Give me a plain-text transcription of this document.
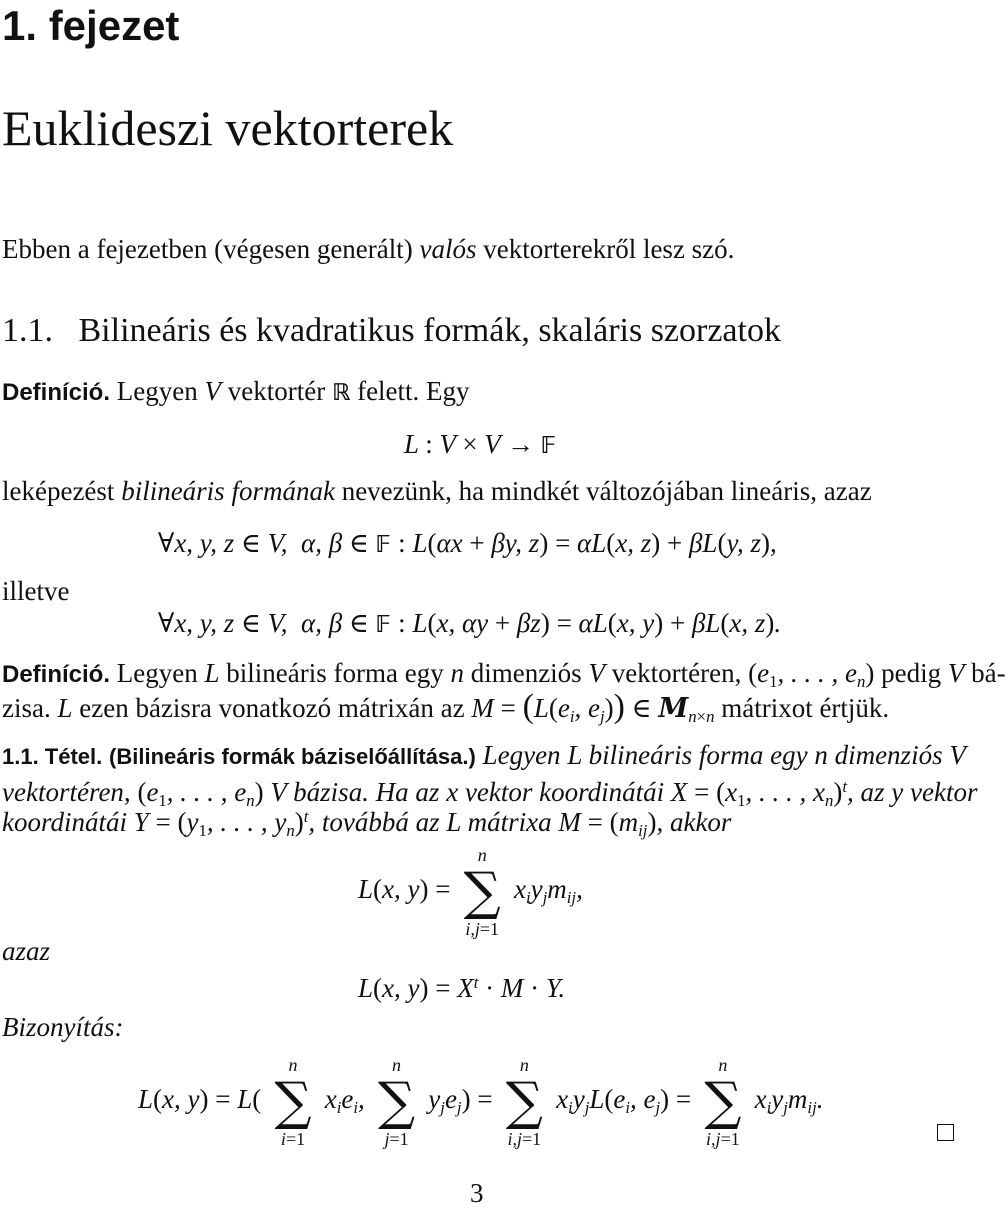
1. fejezet
Euklideszi vektorterek
Ebben a fejezetben (végesen generált) valós vektorterekről lesz szó.
1.1. Bilineáris és kvadratikus formák, skaláris szorzatok
Definíció. Legyen V vektortér ℝ felett. Egy
L : V × V → 𝔽
leképezést bilineáris formának nevezünk, ha mindkét változójában lineáris, azaz
∀x, y, z ∈ V,  α, β ∈ 𝔽 : L(αx + βy, z) = αL(x, z) + βL(y, z),
illetve
∀x, y, z ∈ V,  α, β ∈ 𝔽 : L(x, αy + βz) = αL(x, y) + βL(x, z).
Definíció. Legyen L bilineáris forma egy n dimenziós V vektortéren, ($e_1$, . . . , $e_n$) pedig V bá-
zisa. L ezen bázisra vonatkozó mátrixán az $M = (L(e_i$, $e_j$)) ∈ $M_{n\times n}$ mátrixot értjük.
1.1. Tétel. (Bilineáris formák báziselőállítása.) Legyen L bilineáris forma egy n dimenziós V
vektortéren, ($e_1$, . . . , $e_n$) V bázisa. Ha az x vektor koordinátái $X = (x_1$, . . . , $x_n)^t$, az y vektor
koordinátái $Y = (y_1$, . . . , $y_n)^t$, továbbá az L mátrixa $M = (m_{ij})$, akkor
L(x, y) =
n
∑
i,j=1
$x_iy_jm_{ij}$,
azaz
L(x, $y) = X^t \cdot M \cdot Y$.
Bizonyítás:
L(x, y) = L(
n
∑
i=1
$x_ie_i$,
n
∑
j=1
$y_je_j$) =
n
∑
i,j=1
$x_iy_jL(e_i$, $e_j$) =
n
∑
i,j=1
$x_iy_jm_{ij}$.
3
